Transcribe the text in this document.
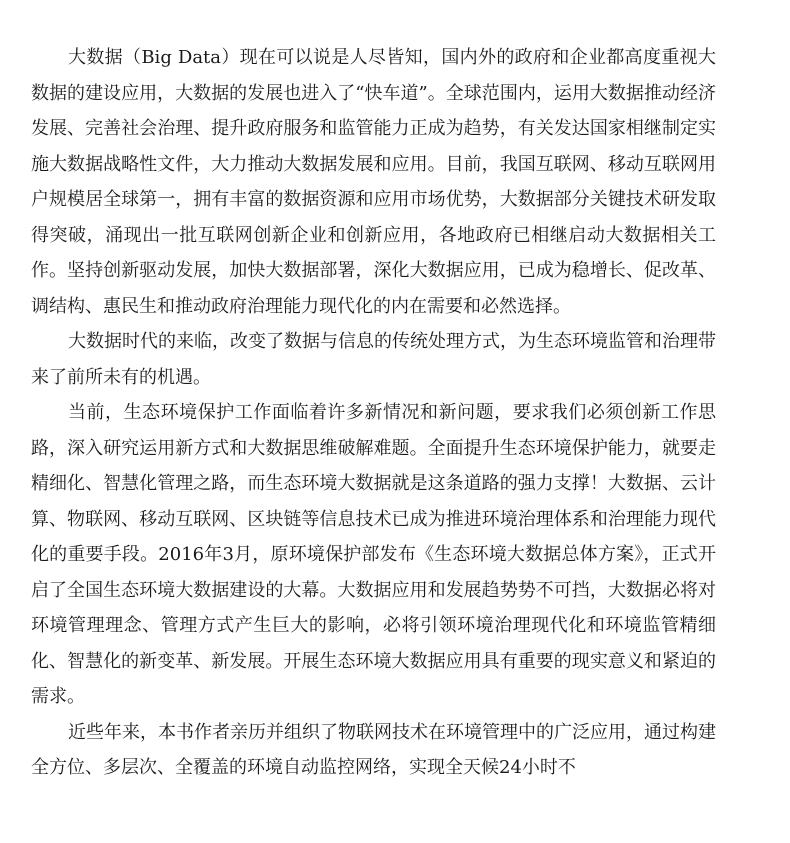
大数据（Big Data）现在可以说是人尽皆知，国内外的政府和企业都高度重视大数据的建设应用，大数据的发展也进入了“快车道”。全球范围内，运用大数据推动经济发展、完善社会治理、提升政府服务和监管能力正成为趋势，有关发达国家相继制定实施大数据战略性文件，大力推动大数据发展和应用。目前，我国互联网、移动互联网用户规模居全球第一，拥有丰富的数据资源和应用市场优势，大数据部分关键技术研发取得突破，涌现出一批互联网创新企业和创新应用，各地政府已相继启动大数据相关工作。坚持创新驱动发展，加快大数据部署，深化大数据应用，已成为稳增长、促改革、调结构、惠民生和推动政府治理能力现代化的内在需要和必然选择。

大数据时代的来临，改变了数据与信息的传统处理方式，为生态环境监管和治理带来了前所未有的机遇。

当前，生态环境保护工作面临着许多新情况和新问题，要求我们必须创新工作思路，深入研究运用新方式和大数据思维破解难题。全面提升生态环境保护能力，就要走精细化、智慧化管理之路，而生态环境大数据就是这条道路的强力支撑！大数据、云计算、物联网、移动互联网、区块链等信息技术已成为推进环境治理体系和治理能力现代化的重要手段。2016年3月，原环境保护部发布《生态环境大数据总体方案》，正式开启了全国生态环境大数据建设的大幕。大数据应用和发展趋势势不可挡，大数据必将对环境管理理念、管理方式产生巨大的影响，必将引领环境治理现代化和环境监管精细化、智慧化的新变革、新发展。开展生态环境大数据应用具有重要的现实意义和紧迫的需求。

近些年来，本书作者亲历并组织了物联网技术在环境管理中的广泛应用，通过构建全方位、多层次、全覆盖的环境自动监控网络，实现全天候24小时不
